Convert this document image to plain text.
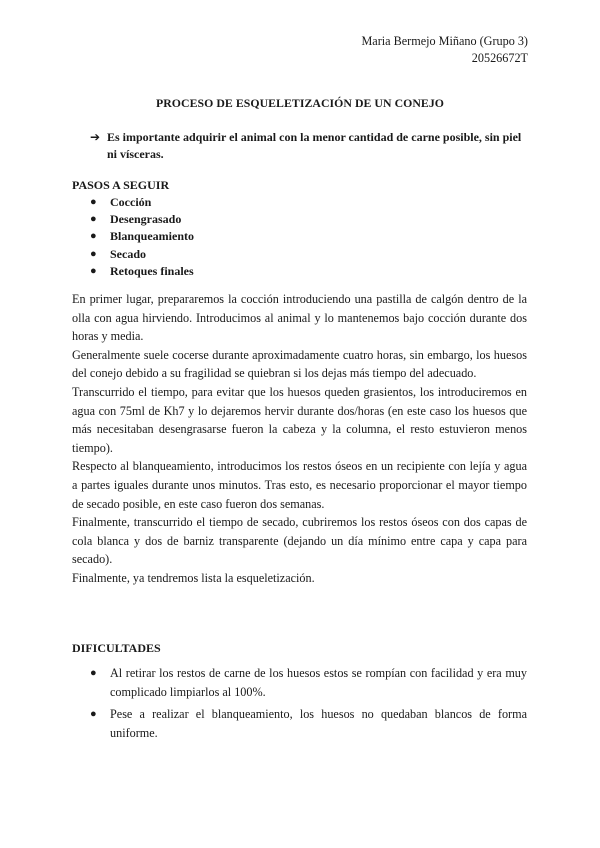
Maria Bermejo Miñano (Grupo 3)
20526672T
PROCESO DE ESQUELETIZACIÓN DE UN CONEJO
➔ Es importante adquirir el animal con la menor cantidad de carne posible, sin piel ni vísceras.
PASOS A SEGUIR
● Cocción
● Desengrasado
● Blanqueamiento
● Secado
● Retoques finales

En primer lugar, prepararemos la cocción introduciendo una pastilla de calgón dentro de la olla con agua hirviendo. Introducimos al animal y lo mantenemos bajo cocción durante dos horas y media.

Generalmente suele cocerse durante aproximadamente cuatro horas, sin embargo, los huesos del conejo debido a su fragilidad se quiebran si los dejas más tiempo del adecuado.

Transcurrido el tiempo, para evitar que los huesos queden grasientos, los introduciremos en agua con 75ml de Kh7 y lo dejaremos hervir durante dos/horas (en este caso los huesos que más necesitaban desengrasarse fueron la cabeza y la columna, el resto estuvieron menos tiempo).

Respecto al blanqueamiento, introducimos los restos óseos en un recipiente con lejía y agua a partes iguales durante unos minutos. Tras esto, es necesario proporcionar el mayor tiempo de secado posible, en este caso fueron dos semanas.

Finalmente, transcurrido el tiempo de secado, cubriremos los restos óseos con dos capas de cola blanca y dos de barniz transparente (dejando un día mínimo entre capa y capa para secado).

Finalmente, ya tendremos lista la esqueletización.

DIFICULTADES
● Al retirar los restos de carne de los huesos estos se rompían con facilidad y era muy complicado limpiarlos al 100%.
● Pese a realizar el blanqueamiento, los huesos no quedaban blancos de forma uniforme.
